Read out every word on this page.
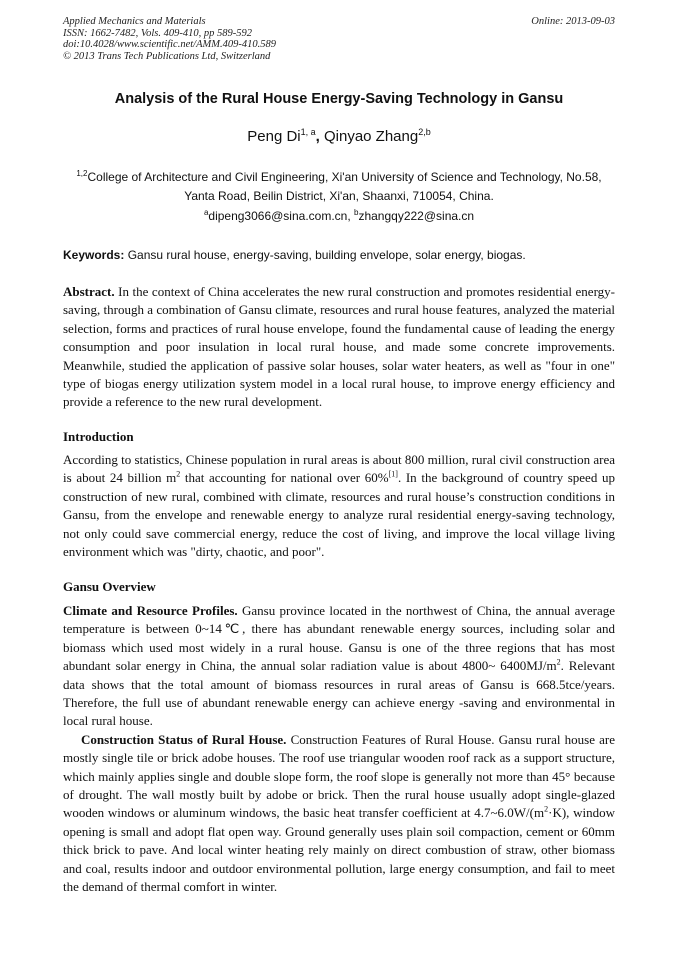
Applied Mechanics and Materials
ISSN: 1662-7482, Vols. 409-410, pp 589-592
doi:10.4028/www.scientific.net/AMM.409-410.589
© 2013 Trans Tech Publications Ltd, Switzerland
Online: 2013-09-03
Analysis of the Rural House Energy-Saving Technology in Gansu
Peng Di$^{1, a}$, Qinyao Zhang$^{2,b}$
$^{1,2}$College of Architecture and Civil Engineering, Xi'an University of Science and Technology, No.58, Yanta Road, Beilin District, Xi'an, Shaanxi, 710054, China.
$^a$dipeng3066@sina.com.cn, $^b$zhangqy222@sina.cn
Keywords: Gansu rural house, energy-saving, building envelope, solar energy, biogas.
Abstract. In the context of China accelerates the new rural construction and promotes residential energy-saving, through a combination of Gansu climate, resources and rural house features, analyzed the material selection, forms and practices of rural house envelope, found the fundamental cause of leading the energy consumption and poor insulation in local rural house, and made some concrete improvements. Meanwhile, studied the application of passive solar houses, solar water heaters, as well as "four in one" type of biogas energy utilization system model in a local rural house, to improve energy efficiency and provide a reference to the new rural development.
Introduction
According to statistics, Chinese population in rural areas is about 800 million, rural civil construction area is about 24 billion $m^2$ that accounting for national over 60%[1]. In the background of country speed up construction of new rural, combined with climate, resources and rural house’s construction conditions in Gansu, from the envelope and renewable energy to analyze rural residential energy-saving technology, not only could save commercial energy, reduce the cost of living, and improve the local village living environment which was "dirty, chaotic, and poor".
Gansu Overview
Climate and Resource Profiles. Gansu province located in the northwest of China, the annual average temperature is between 0~14℃, there has abundant renewable energy sources, including solar and biomass which used most widely in a rural house. Gansu is one of the three regions that has most abundant solar energy in China, the annual solar radiation value is about 4800~ $6400MJ/m^2$. Relevant data shows that the total amount of biomass resources in rural areas of Gansu is 668.5tce/years. Therefore, the full use of abundant renewable energy can achieve energy -saving and environmental in local rural house.
Construction Status of Rural House. Construction Features of Rural House. Gansu rural house are mostly single tile or brick adobe houses. The roof use triangular wooden roof rack as a support structure, which mainly applies single and double slope form, the roof slope is generally not more than 45° because of drought. The wall mostly built by adobe or brick. Then the rural house usually adopt single-glazed wooden windows or aluminum windows, the basic heat transfer coefficient at $4.7\sim 6.0W/(m^2\cdot K)$, window opening is small and adopt flat open way. Ground generally uses plain soil compaction, cement or 60mm thick brick to pave. And local winter heating rely mainly on direct combustion of straw, other biomass and coal, results indoor and outdoor environmental pollution, large energy consumption, and fail to meet the demand of thermal comfort in winter.
